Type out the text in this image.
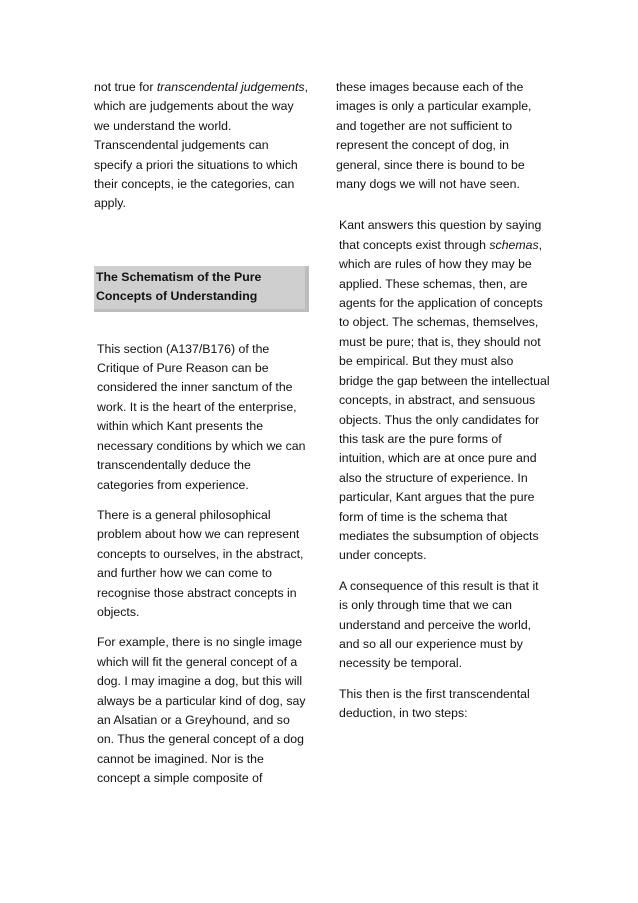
not true for transcendental judgements, which are judgements about the way we understand the world. Transcendental judgements can specify a priori the situations to which their concepts, ie the categories, can apply.

The Schematism of the Pure Concepts of Understanding

This section (A137/B176) of the Critique of Pure Reason can be considered the inner sanctum of the work. It is the heart of the enterprise, within which Kant presents the necessary conditions by which we can transcendentally deduce the categories from experience.

There is a general philosophical problem about how we can represent concepts to ourselves, in the abstract, and further how we can come to recognise those abstract concepts in objects.

For example, there is no single image which will fit the general concept of a dog. I may imagine a dog, but this will always be a particular kind of dog, say an Alsatian or a Greyhound, and so on. Thus the general concept of a dog cannot be imagined. Nor is the concept a simple composite of

these images because each of the images is only a particular example, and together are not sufficient to represent the concept of dog, in general, since there is bound to be many dogs we will not have seen.

Kant answers this question by saying that concepts exist through schemas, which are rules of how they may be applied. These schemas, then, are agents for the application of concepts to object. The schemas, themselves, must be pure; that is, they should not be empirical. But they must also bridge the gap between the intellectual concepts, in abstract, and sensuous objects. Thus the only candidates for this task are the pure forms of intuition, which are at once pure and also the structure of experience. In particular, Kant argues that the pure form of time is the schema that mediates the subsumption of objects under concepts.

A consequence of this result is that it is only through time that we can understand and perceive the world, and so all our experience must by necessity be temporal.

This then is the first transcendental deduction, in two steps:
